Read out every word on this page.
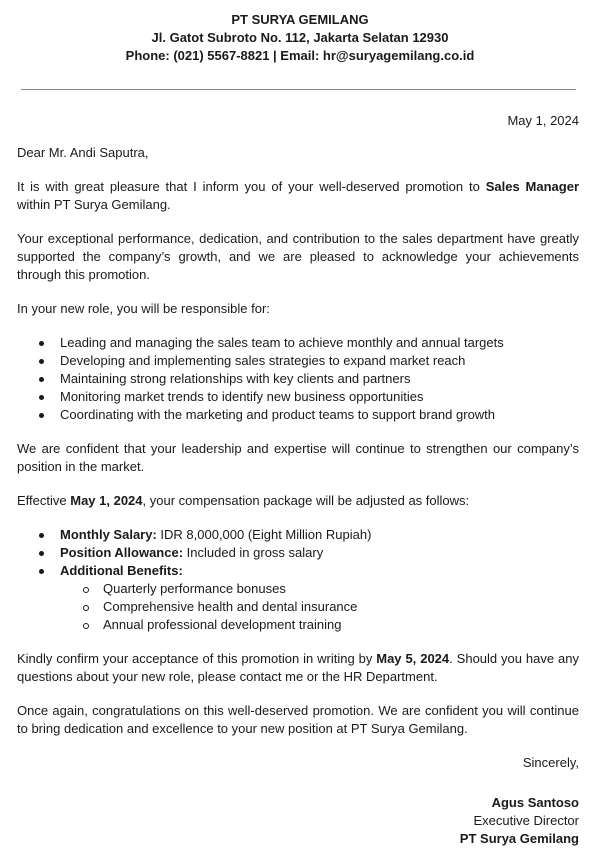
PT SURYA GEMILANG
Jl. Gatot Subroto No. 112, Jakarta Selatan 12930
Phone: (021) 5567-8821 | Email: hr@suryagemilang.co.id
May 1, 2024

Dear Mr. Andi Saputra,

It is with great pleasure that I inform you of your well-deserved promotion to Sales Manager within PT Surya Gemilang.

Your exceptional performance, dedication, and contribution to the sales department have greatly supported the company’s growth, and we are pleased to acknowledge your achievements through this promotion.

In your new role, you will be responsible for:

Leading and managing the sales team to achieve monthly and annual targets
Developing and implementing sales strategies to expand market reach
Maintaining strong relationships with key clients and partners
Monitoring market trends to identify new business opportunities
Coordinating with the marketing and product teams to support brand growth

We are confident that your leadership and expertise will continue to strengthen our company’s position in the market.

Effective May 1, 2024, your compensation package will be adjusted as follows:

Monthly Salary: IDR 8,000,000 (Eight Million Rupiah)
Position Allowance: Included in gross salary
Additional Benefits:
Quarterly performance bonuses
Comprehensive health and dental insurance
Annual professional development training

Kindly confirm your acceptance of this promotion in writing by May 5, 2024. Should you have any questions about your new role, please contact me or the HR Department.

Once again, congratulations on this well-deserved promotion. We are confident you will continue to bring dedication and excellence to your new position at PT Surya Gemilang.

Sincerely,
Agus Santoso
Executive Director
PT Surya Gemilang
